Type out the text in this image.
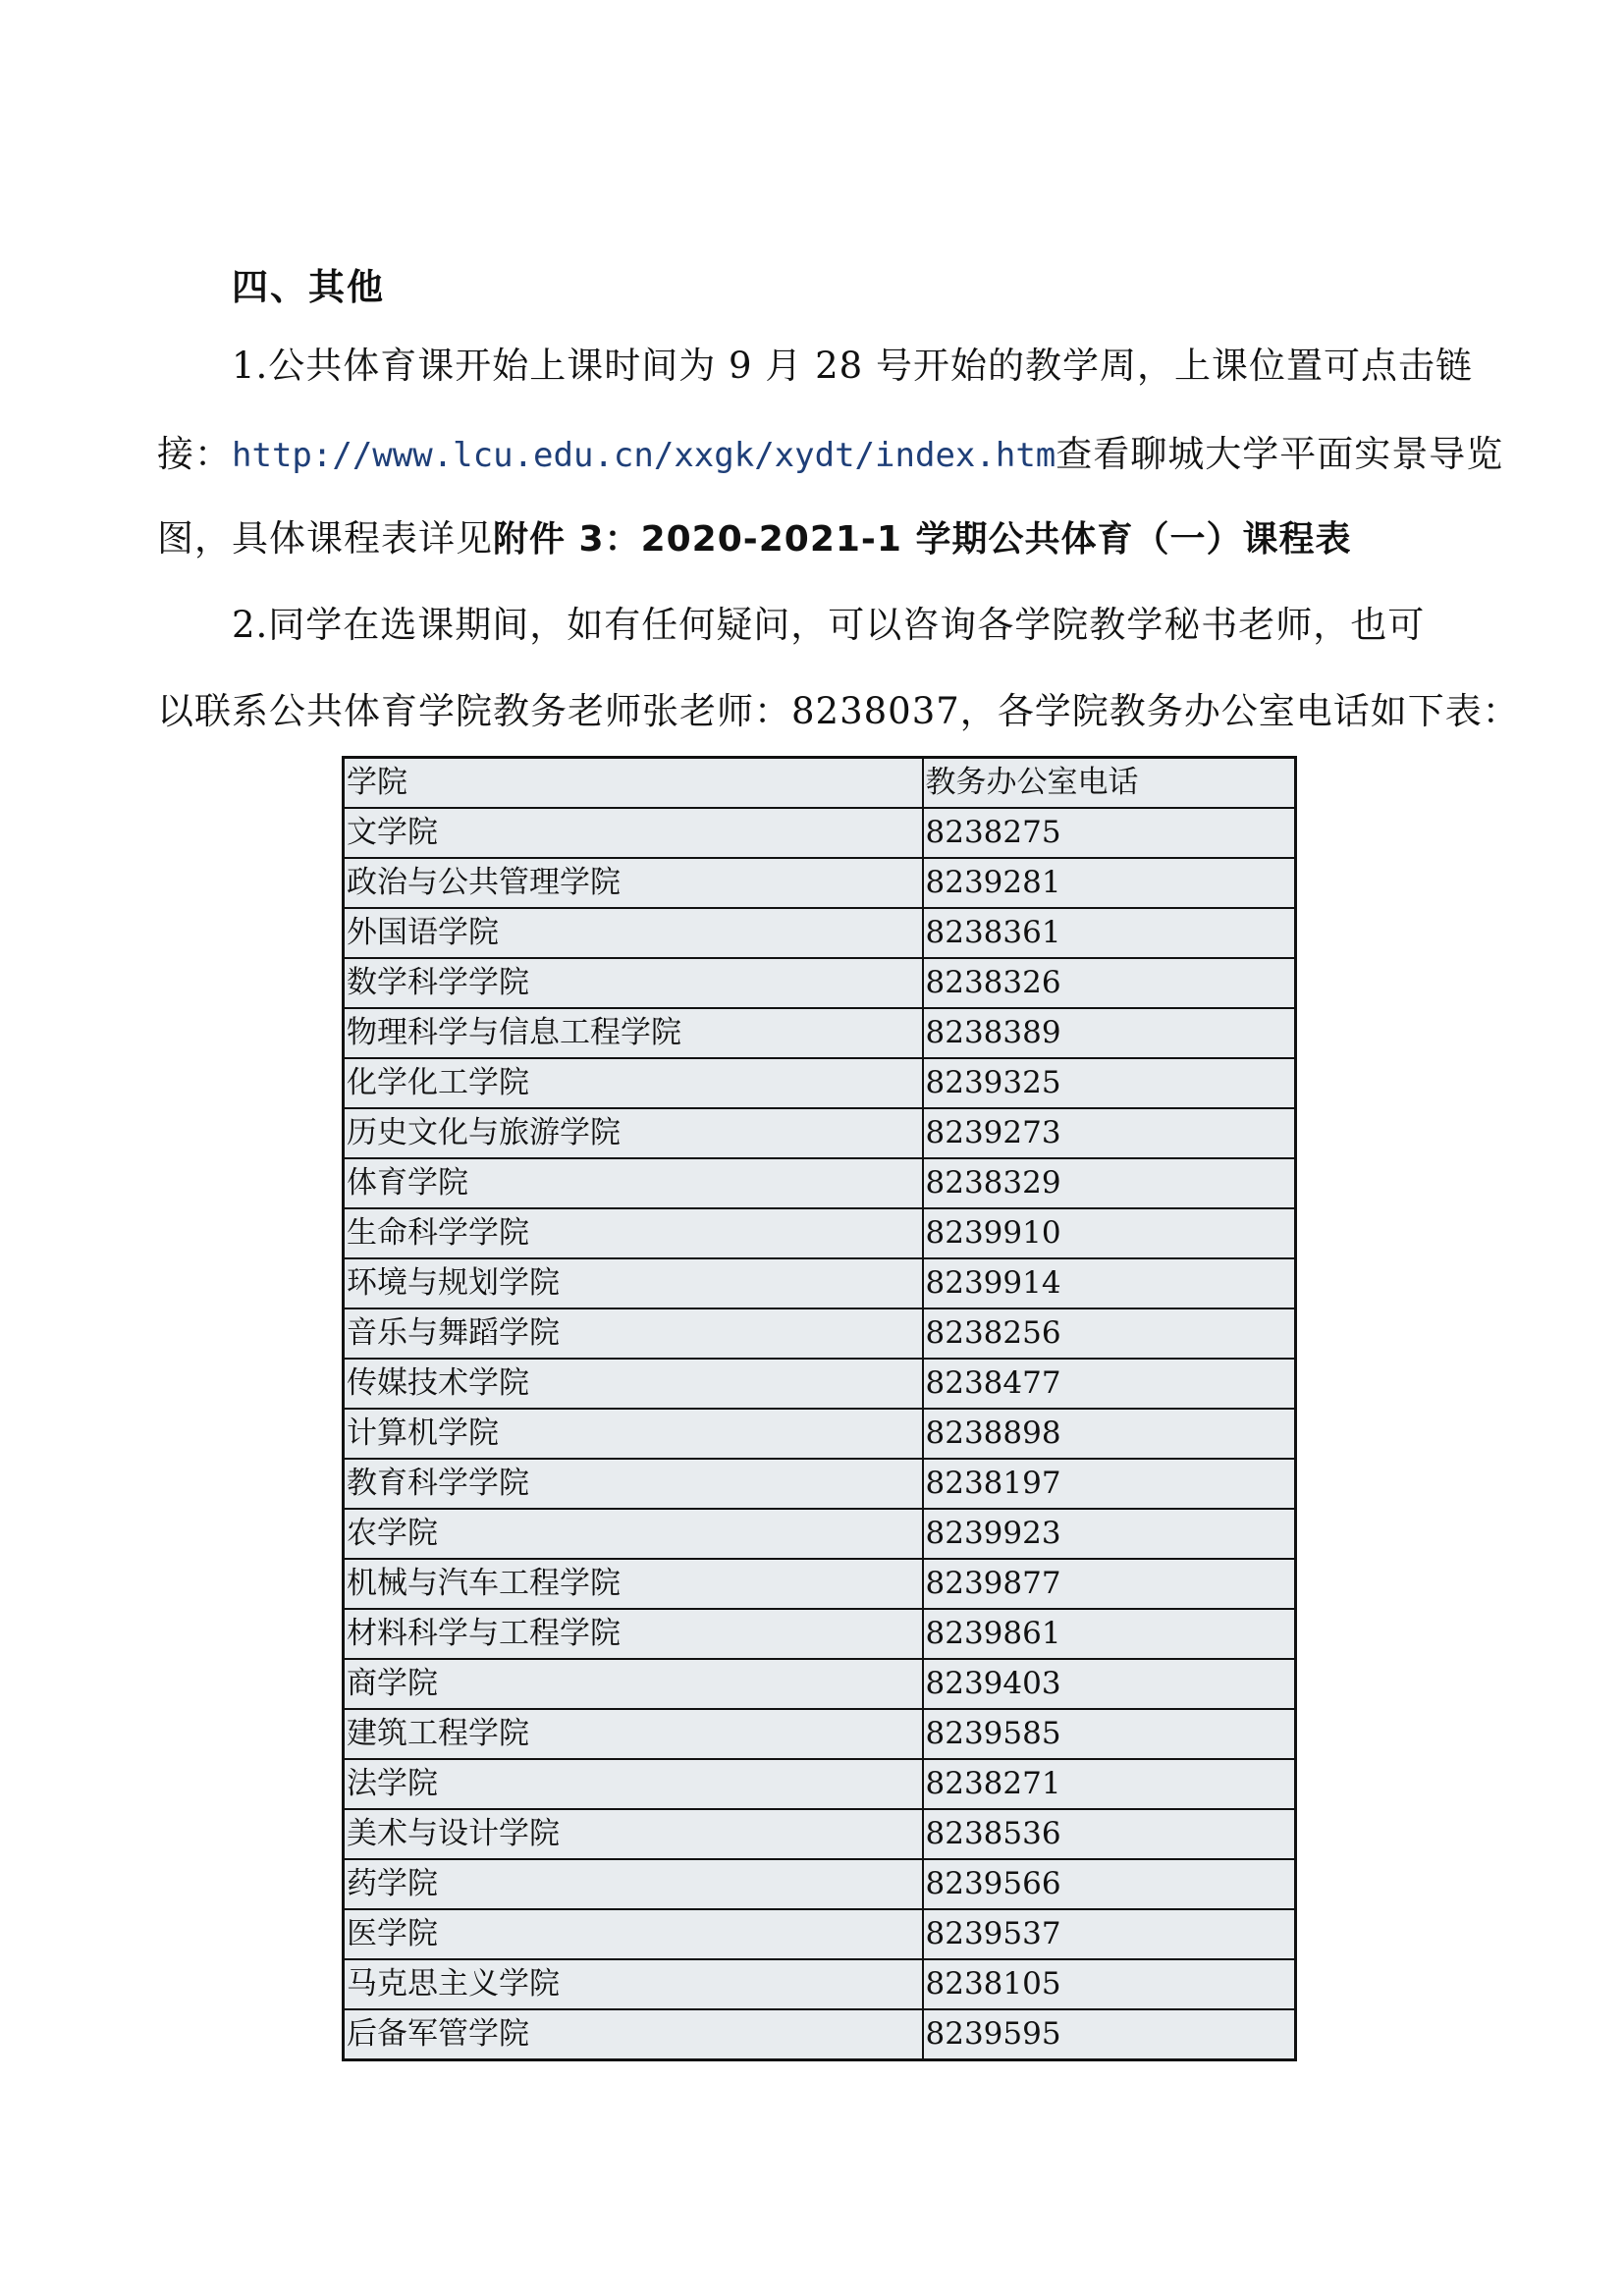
四、其他
1.公共体育课开始上课时间为 9 月 28 号开始的教学周，上课位置可点击链
接：http://www.lcu.edu.cn/xxgk/xydt/index.htm查看聊城大学平面实景导览
图，具体课程表详见附件 3：2020-2021-1 学期公共体育（一）课程表
2.同学在选课期间，如有任何疑问，可以咨询各学院教学秘书老师，也可
以联系公共体育学院教务老师张老师：8238037，各学院教务办公室电话如下表：
学院	教务办公室电话
文学院	8238275
政治与公共管理学院	8239281
外国语学院	8238361
数学科学学院	8238326
物理科学与信息工程学院	8238389
化学化工学院	8239325
历史文化与旅游学院	8239273
体育学院	8238329
生命科学学院	8239910
环境与规划学院	8239914
音乐与舞蹈学院	8238256
传媒技术学院	8238477
计算机学院	8238898
教育科学学院	8238197
农学院	8239923
机械与汽车工程学院	8239877
材料科学与工程学院	8239861
商学院	8239403
建筑工程学院	8239585
法学院	8238271
美术与设计学院	8238536
药学院	8239566
医学院	8239537
马克思主义学院	8238105
后备军管学院	8239595
